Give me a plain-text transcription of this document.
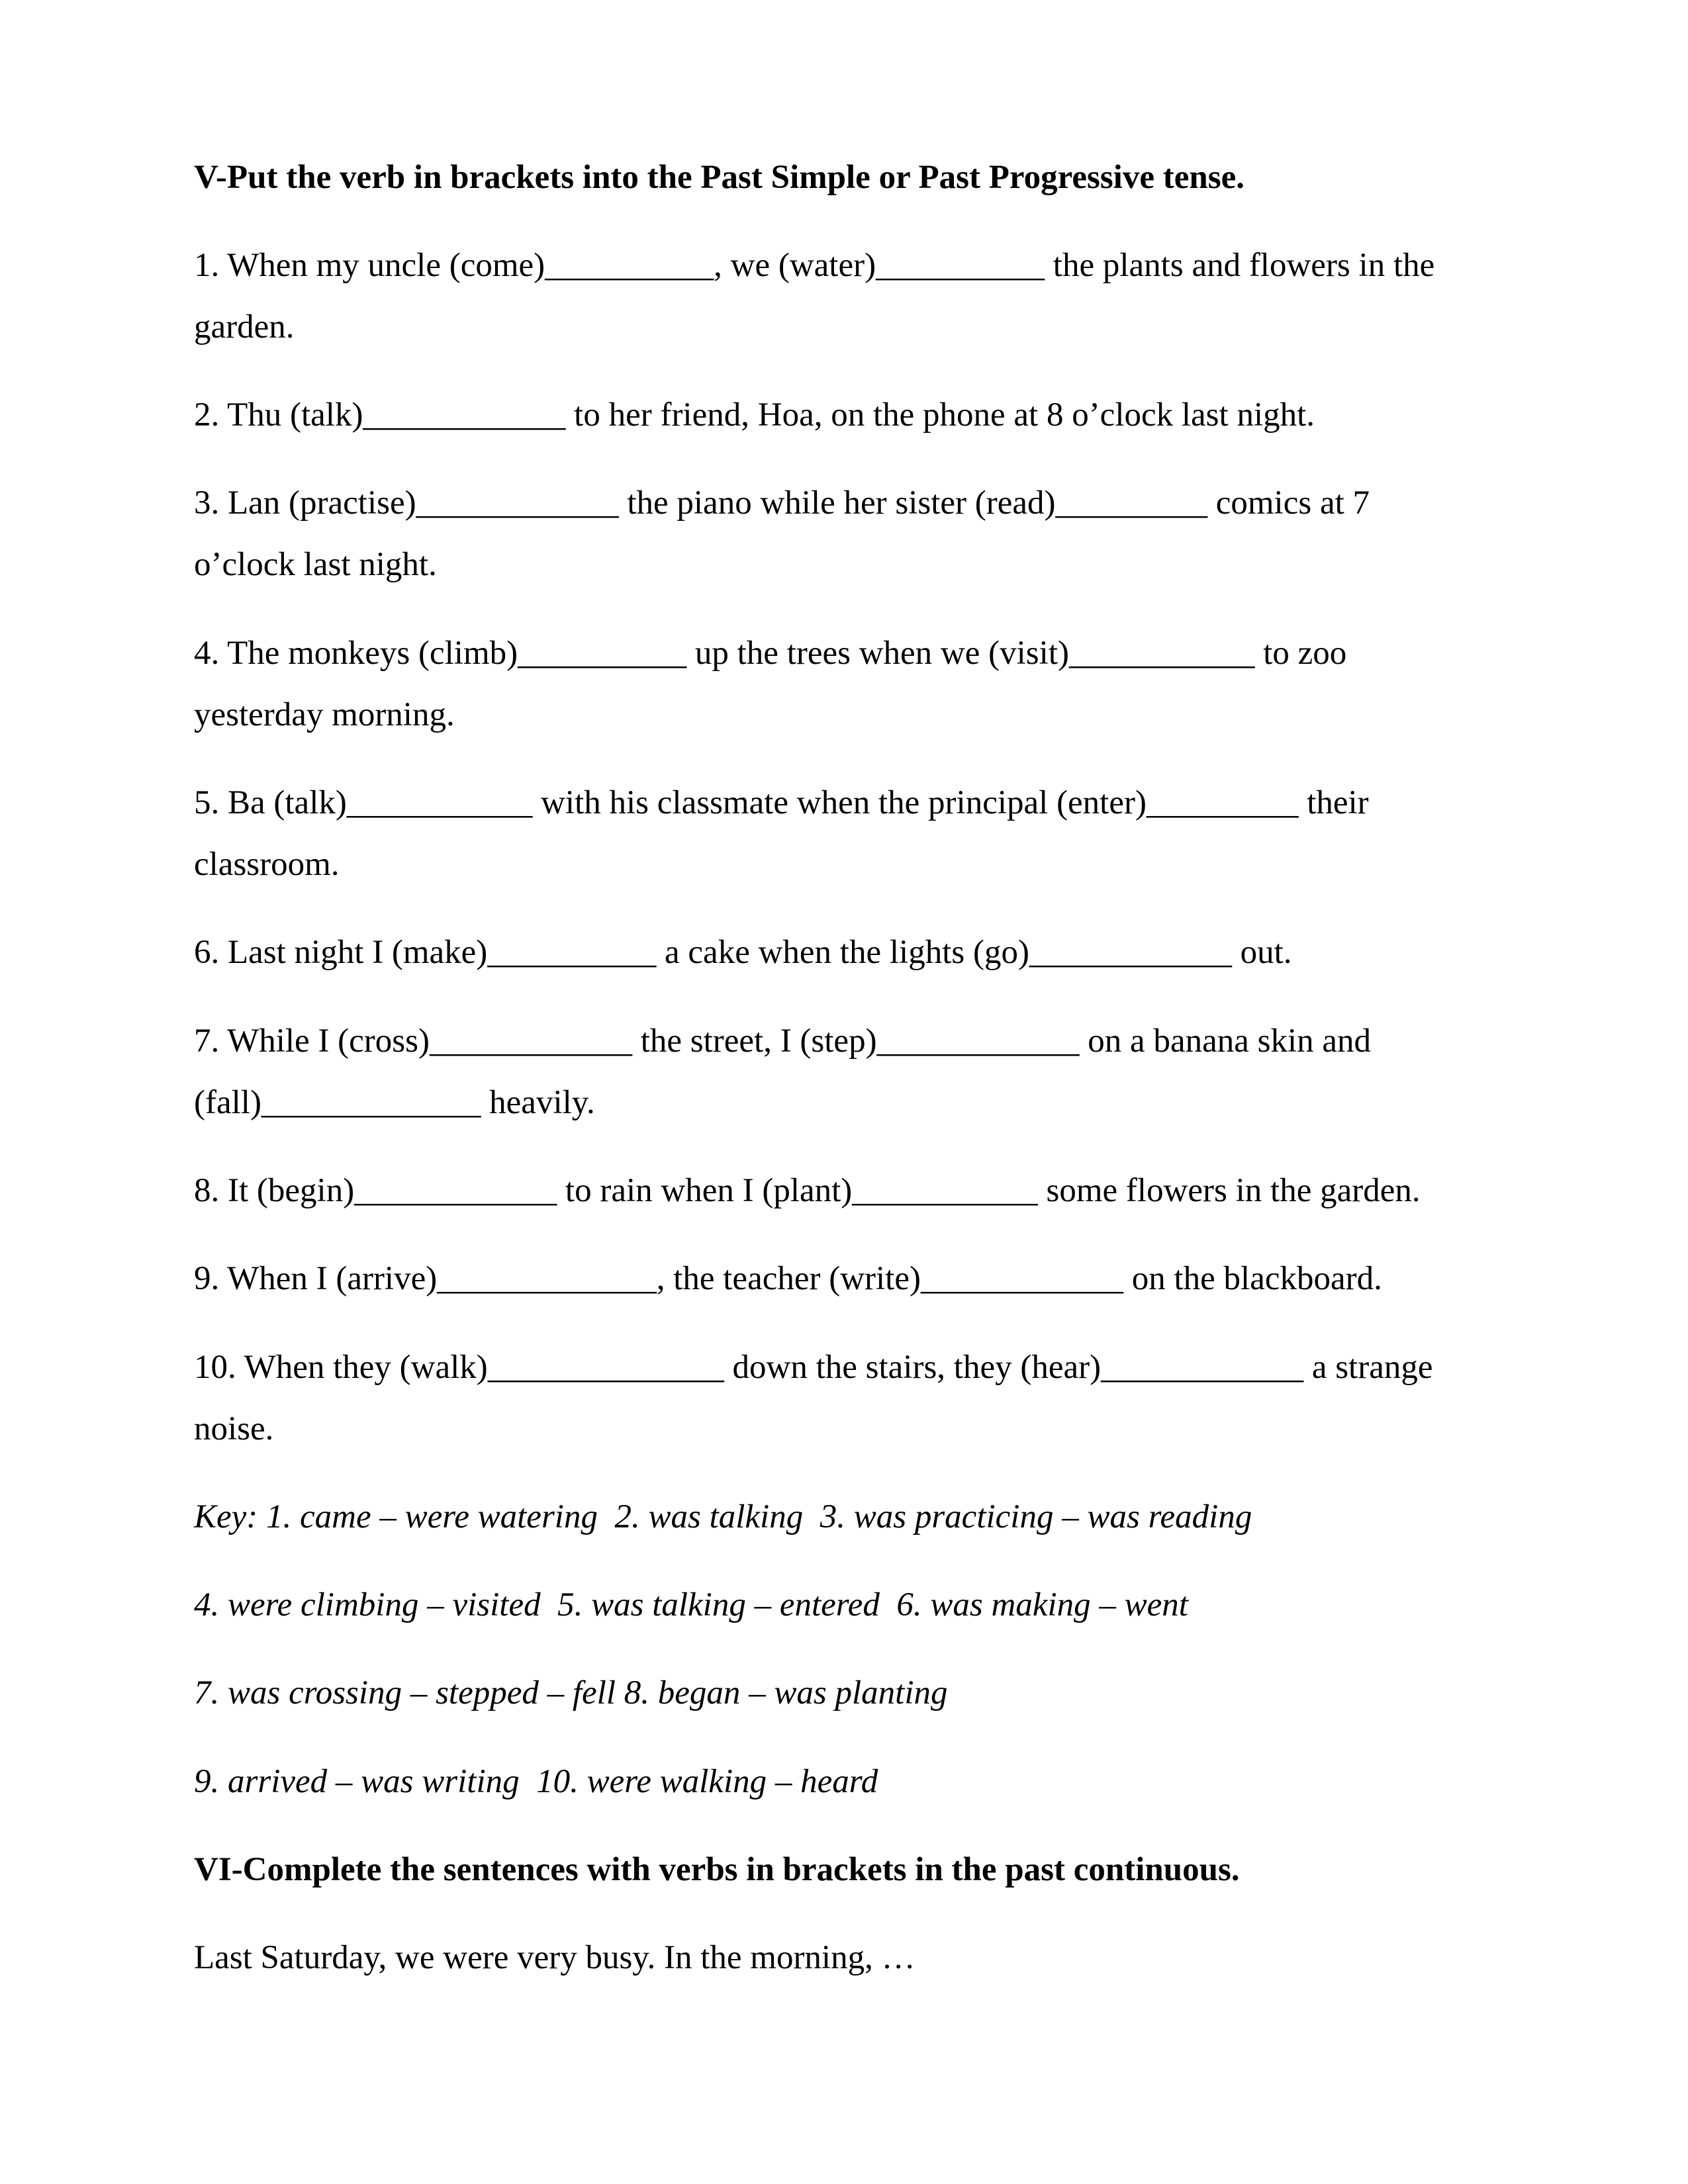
V-Put the verb in brackets into the Past Simple or Past Progressive tense.
1. When my uncle (come)__________, we (water)__________ the plants and flowers in the
garden.
2. Thu (talk)____________ to her friend, Hoa, on the phone at 8 o’clock last night.
3. Lan (practise)____________ the piano while her sister (read)_________ comics at 7
o’clock last night.
4. The monkeys (climb)__________ up the trees when we (visit)___________ to zoo
yesterday morning.
5. Ba (talk)___________ with his classmate when the principal (enter)_________ their
classroom.
6. Last night I (make)__________ a cake when the lights (go)____________ out.
7. While I (cross)____________ the street, I (step)____________ on a banana skin and
(fall)_____________ heavily.
8. It (begin)____________ to rain when I (plant)___________ some flowers in the garden.
9. When I (arrive)_____________, the teacher (write)____________ on the blackboard.
10. When they (walk)______________ down the stairs, they (hear)____________ a strange
noise.
Key: 1. came – were watering  2. was talking  3. was practicing – was reading
4. were climbing – visited  5. was talking – entered  6. was making – went
7. was crossing – stepped – fell 8. began – was planting
9. arrived – was writing  10. were walking – heard
VI-Complete the sentences with verbs in brackets in the past continuous.
Last Saturday, we were very busy. In the morning, …
